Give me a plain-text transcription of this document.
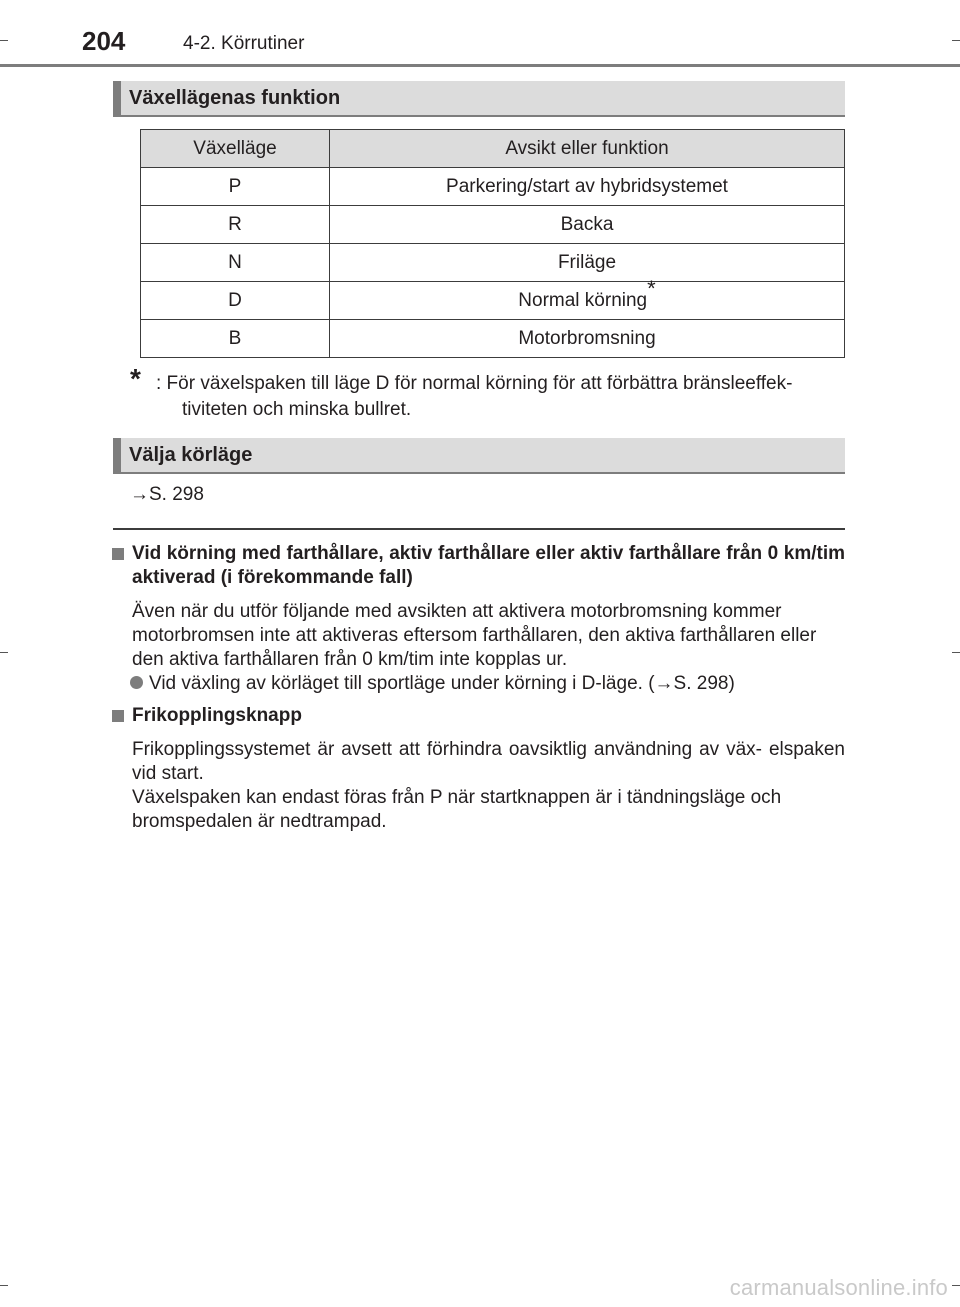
204	4-2. Körrutiner
Växellägenas funktion
Växelläge	Avsikt eller funktion
P	Parkering/start av hybridsystemet
R	Backa
N	Friläge
D	Normal körning*
B	Motorbromsning
* : För växelspaken till läge D för normal körning för att förbättra bränsleeffek- tiviteten och minska bullret.
Välja körläge
→S. 298
Vid körning med farthållare, aktiv farthållare eller aktiv farthållare från 0 km/tim aktiverad (i förekommande fall)
Även när du utför följande med avsikten att aktivera motorbromsning kommer motorbromsen inte att aktiveras eftersom farthållaren, den aktiva farthållaren eller den aktiva farthållaren från 0 km/tim inte kopplas ur.
Vid växling av körläget till sportläge under körning i D-läge. (→S. 298)
Frikopplingsknapp
Frikopplingssystemet är avsett att förhindra oavsiktlig användning av väx- elspaken vid start.
Växelspaken kan endast föras från P när startknappen är i tändningsläge och bromspedalen är nedtrampad.
carmanualsonline.info
